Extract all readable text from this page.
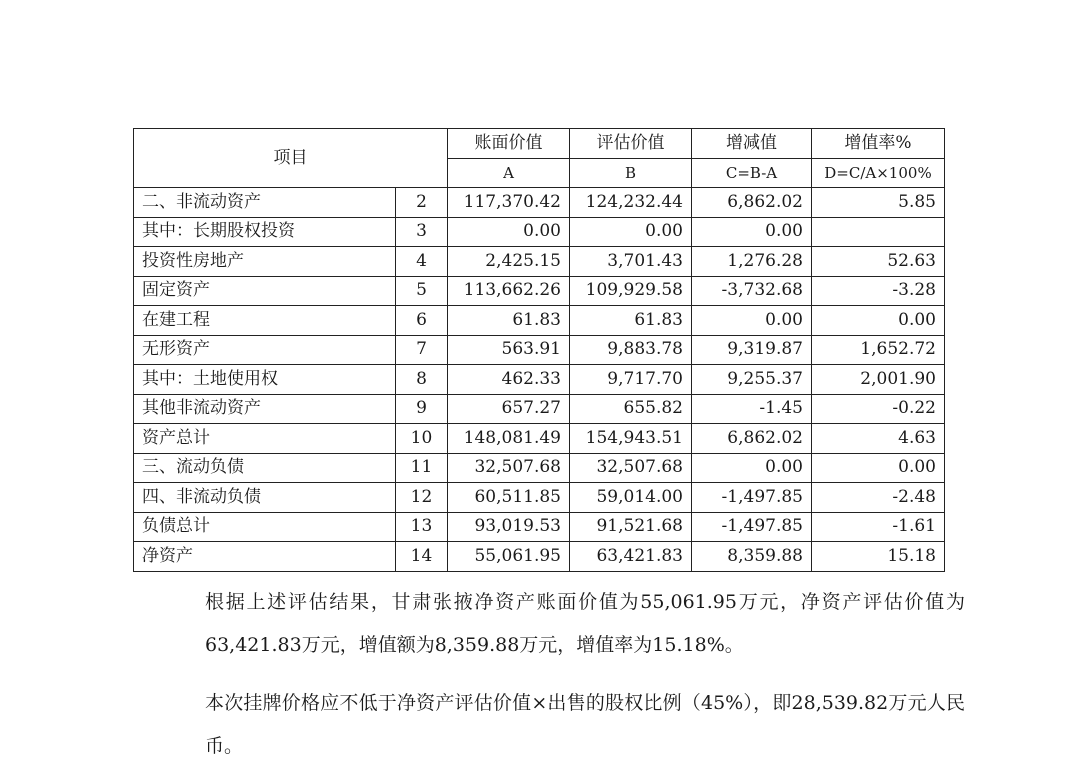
项目		账面价值	评估价值	增减值	增值率%
		A	B	C=B-A	D=C/A×100%
二、非流动资产	2	117,370.42	124,232.44	6,862.02	5.85
其中：长期股权投资	3	0.00	0.00	0.00	
投资性房地产	4	2,425.15	3,701.43	1,276.28	52.63
固定资产	5	113,662.26	109,929.58	-3,732.68	-3.28
在建工程	6	61.83	61.83	0.00	0.00
无形资产	7	563.91	9,883.78	9,319.87	1,652.72
其中：土地使用权	8	462.33	9,717.70	9,255.37	2,001.90
其他非流动资产	9	657.27	655.82	-1.45	-0.22
资产总计	10	148,081.49	154,943.51	6,862.02	4.63
三、流动负债	11	32,507.68	32,507.68	0.00	0.00
四、非流动负债	12	60,511.85	59,014.00	-1,497.85	-2.48
负债总计	13	93,019.53	91,521.68	-1,497.85	-1.61
净资产	14	55,061.95	63,421.83	8,359.88	15.18

根据上述评估结果，甘肃张掖净资产账面价值为55,061.95万元，净资产评估价值为63,421.83万元，增值额为8,359.88万元，增值率为15.18%。

本次挂牌价格应不低于净资产评估价值×出售的股权比例（45%），即28,539.82万元人民币。
